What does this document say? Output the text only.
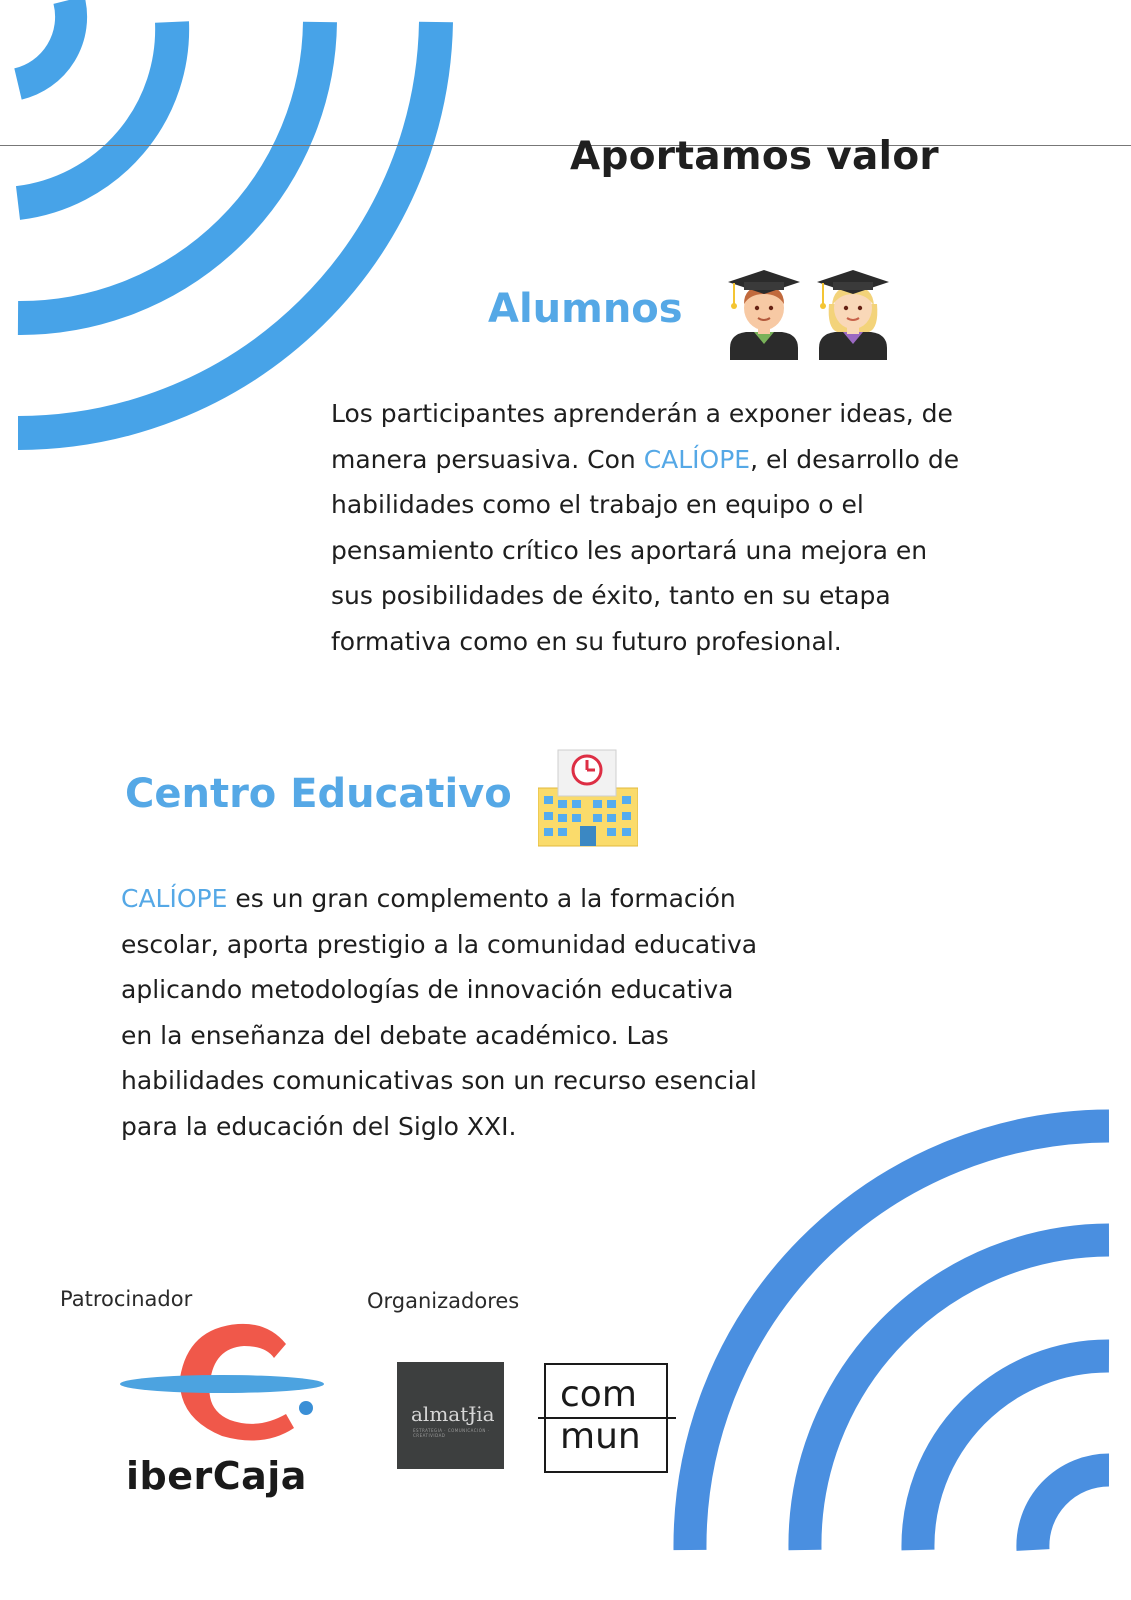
Aportamos valor
Alumnos
Los participantes aprenderán a exponer ideas, de
manera persuasiva. Con CALÍOPE, el desarrollo de
habilidades como el trabajo en equipo o el
pensamiento crítico les aportará una mejora en
sus posibilidades de éxito, tanto en su etapa
formativa como en su futuro profesional.
Centro Educativo
CALÍOPE es un gran complemento a la formación
escolar, aporta prestigio a la comunidad educativa
aplicando metodologías de innovación educativa
en la enseñanza del debate académico. Las
habilidades comunicativas son un recurso esencial
para la educación del Siglo XXI.
Patrocinador	Organizadores
iberCaja
almatɈia
ESTRATEGIA · COMUNICACIÓN · CREATIVIDAD
com
mun
